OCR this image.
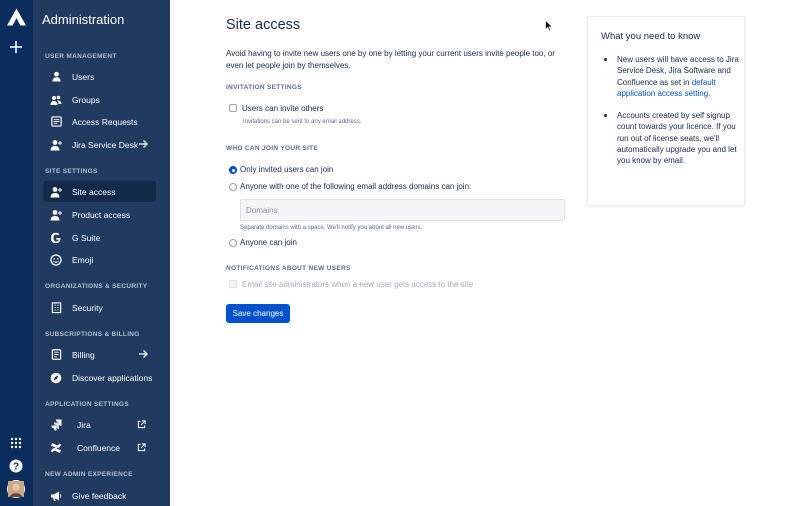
?
Administration
USER MANAGEMENT
Users
Groups
Access Requests
Jira Service Desk
SITE SETTINGS
Site access
Product access
G Suite
Emoji
ORGANIZATIONS & SECURITY
Security
SUBSCRIPTIONS & BILLING
Billing
Discover applications
APPLICATION SETTINGS
Jira
Confluence
NEW ADMIN EXPERIENCE
Give feedback
Site access

Avoid having to invite new users one by one by letting your current users invite people too, or even let people join by themselves.

INVITATION SETTINGS
Users can invite others
Invitations can be sent to any email address.
WHO CAN JOIN YOUR SITE
Only invited users can join
Anyone with one of the following email address domains can join:
Domains
Separate domains with a space. We'll notify you about all new users.
Anyone can join
NOTIFICATIONS ABOUT NEW USERS
Email site administrators when a new user gets access to the site
Save changes
What you need to know
New users will have access to Jira Service Desk, Jira Software and Confluence as set in default application access setting.
Accounts created by self signup count towards your licence. If you run out of license seats, we'll automatically upgrade you and let you know by email.
